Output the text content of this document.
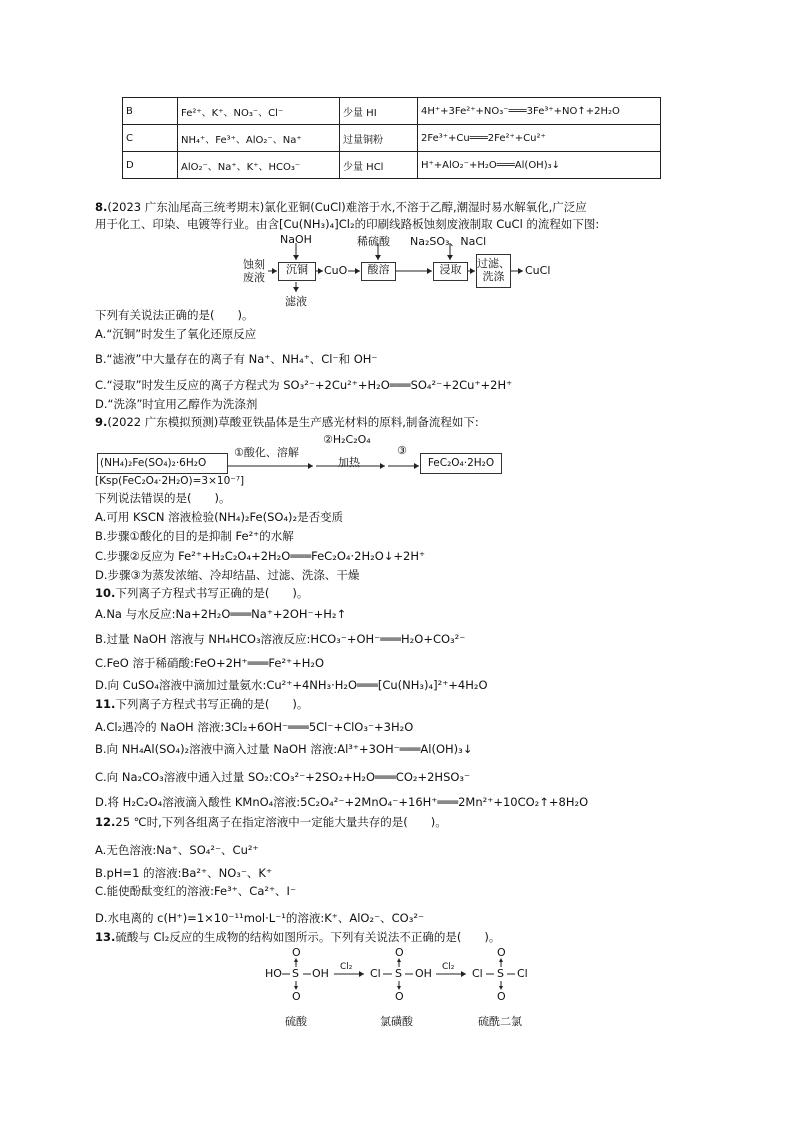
B	Fe²⁺、K⁺、NO₃⁻、Cl⁻	少量 HI	4H⁺+3Fe²⁺+NO₃⁻═══3Fe³⁺+NO↑+2H₂O
C	NH₄⁺、Fe³⁺、AlO₂⁻、Na⁺	过量铜粉	2Fe³⁺+Cu═══2Fe²⁺+Cu²⁺
D	AlO₂⁻、Na⁺、K⁺、HCO₃⁻	少量 HCl	H⁺+AlO₂⁻+H₂O═══Al(OH)₃↓
8.(2023 广东汕尾高三统考期末)氯化亚铜(CuCl)难溶于水,不溶于乙醇,潮湿时易水解氧化,广泛应
用于化工、印染、电镀等行业。由含[Cu(NH₃)₄]Cl₂的印刷线路板蚀刻废液制取 CuCl 的流程如下图:
蚀刻废液
NaOH
沉铜
滤液
CuO
稀硫酸
酸溶
Na₂SO₃、NaCl
浸取	过滤、洗涤	CuCl
下列有关说法正确的是(　　)。
A.“沉铜”时发生了氧化还原反应
B.“滤液”中大量存在的离子有 Na⁺、NH₄⁺、Cl⁻和 OH⁻
C.“浸取”时发生反应的离子方程式为 SO₃²⁻+2Cu²⁺+H₂O═══SO₄²⁻+2Cu⁺+2H⁺
D.“洗涤”时宜用乙醇作为洗涤剂
9.(2022 广东模拟预测)草酸亚铁晶体是生产感光材料的原料,制备流程如下:
(NH₄)₂Fe(SO₄)₂·6H₂O
①酸化、溶解
②H₂C₂O₄
加热
③
FeC₂O₄·2H₂O
[Ksp(FeC₂O₄·2H₂O)=3×10⁻⁷]
下列说法错误的是(　　)。
A.可用 KSCN 溶液检验(NH₄)₂Fe(SO₄)₂是否变质
B.步骤①酸化的目的是抑制 Fe²⁺的水解
C.步骤②反应为 Fe²⁺+H₂C₂O₄+2H₂O═══FeC₂O₄·2H₂O↓+2H⁺
D.步骤③为蒸发浓缩、冷却结晶、过滤、洗涤、干燥
10.下列离子方程式书写正确的是(　　)。
A.Na 与水反应:Na+2H₂O═══Na⁺+2OH⁻+H₂↑
B.过量 NaOH 溶液与 NH₄HCO₃溶液反应:HCO₃⁻+OH⁻═══H₂O+CO₃²⁻
C.FeO 溶于稀硝酸:FeO+2H⁺═══Fe²⁺+H₂O
D.向 CuSO₄溶液中滴加过量氨水:Cu²⁺+4NH₃·H₂O═══[Cu(NH₃)₄]²⁺+4H₂O
11.下列离子方程式书写正确的是(　　)。
A.Cl₂遇冷的 NaOH 溶液:3Cl₂+6OH⁻═══5Cl⁻+ClO₃⁻+3H₂O
B.向 NH₄Al(SO₄)₂溶液中滴入过量 NaOH 溶液:Al³⁺+3OH⁻═══Al(OH)₃↓
C.向 Na₂CO₃溶液中通入过量 SO₂:CO₃²⁻+2SO₂+H₂O═══CO₂+2HSO₃⁻
D.将 H₂C₂O₄溶液滴入酸性 KMnO₄溶液:5C₂O₄²⁻+2MnO₄⁻+16H⁺═══2Mn²⁺+10CO₂↑+8H₂O
12.25 ℃时,下列各组离子在指定溶液中一定能大量共存的是(　　)。
A.无色溶液:Na⁺、SO₄²⁻、Cu²⁺
B.pH=1 的溶液:Ba²⁺、NO₃⁻、K⁺
C.能使酚酞变红的溶液:Fe³⁺、Ca²⁺、I⁻
D.水电离的 c(H⁺)=1×10⁻¹¹mol·L⁻¹的溶液:K⁺、AlO₂⁻、CO₃²⁻
13.硫酸与 Cl₂反应的生成物的结构如图所示。下列有关说法不正确的是(　　)。
HO S OH
O
O
Cl₂ Cl S OH
O
O
Cl₂ Cl S Cl
O
O
硫酸	氯磺酸	硫酰二氯
